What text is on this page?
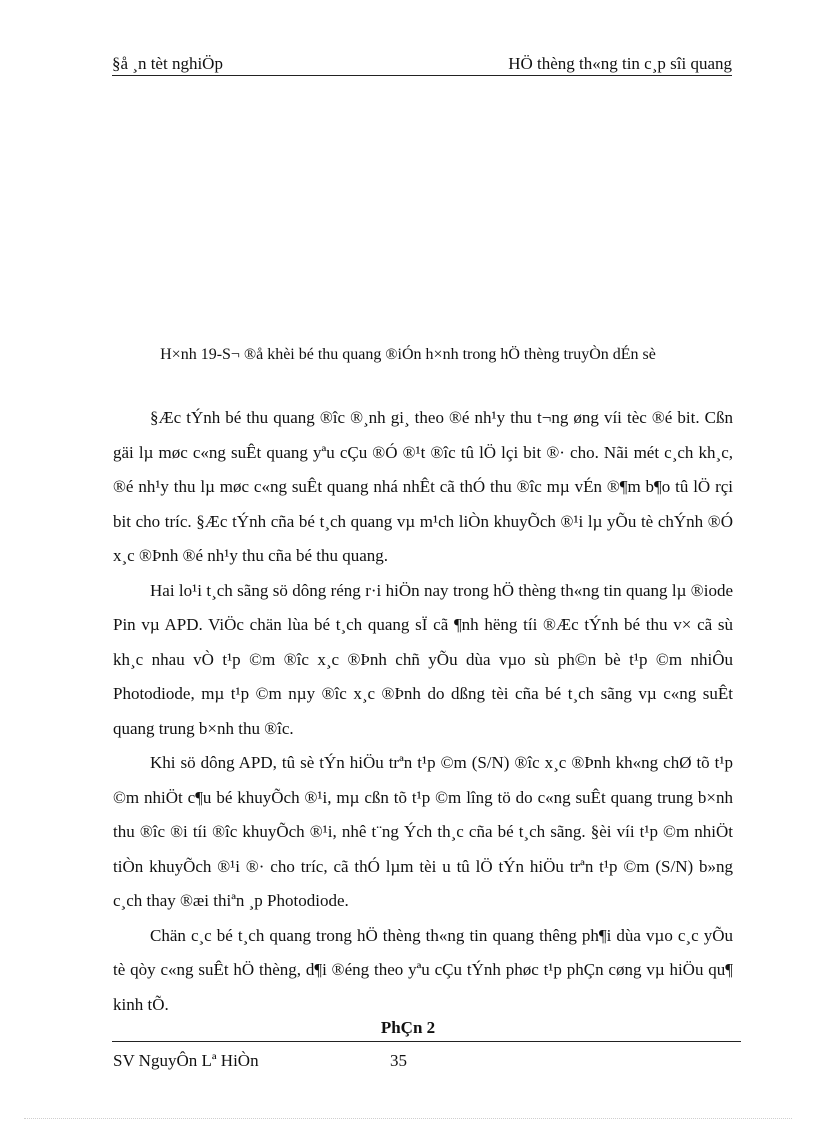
§å ¸n tèt nghiÖp	HÖ thèng th«ng tin c¸p sîi quang
H×nh 19-S¬ ®å khèi bé thu quang ®iÓn h×nh trong hÖ thèng truyÒn dÉn sè

§Æc tÝnh bé thu quang ®îc ®¸nh gi¸ theo ®é nh¹y thu t¬ng øng víi tèc ®é bit. Cßn gäi lµ møc c«ng suÊt quang yªu cÇu ®Ó ®¹t ®îc tû lÖ lçi bit ®· cho. Nãi mét c¸ch kh¸c, ®é nh¹y thu lµ møc c«ng suÊt quang nhá nhÊt cã thÓ thu ®îc mµ vÉn ®¶m b¶o tû lÖ rçi bit cho tríc. §Æc tÝnh cña bé t¸ch quang vµ m¹ch liÒn khuyÕch ®¹i lµ yÕu tè chÝnh ®Ó x¸c ®Þnh ®é nh¹y thu cña bé thu quang.

Hai lo¹i t¸ch sãng sö dông réng r·i hiÖn nay trong hÖ thèng th«ng tin quang lµ ®iode Pin vµ APD. ViÖc chän lùa bé t¸ch quang sÏ cã ¶nh hëng tíi ®Æc tÝnh bé thu v× cã sù kh¸c nhau vÒ t¹p ©m ®îc x¸c ®Þnh chñ yÕu dùa vµo sù ph©n bè t¹p ©m nhiÔu Photodiode, mµ t¹p ©m nµy ®îc x¸c ®Þnh do dßng tèi cña bé t¸ch sãng vµ c«ng suÊt quang trung b×nh thu ®îc.

Khi sö dông APD, tû sè tÝn hiÖu trªn t¹p ©m (S/N) ®îc x¸c ®Þnh kh«ng chØ tõ t¹p ©m nhiÖt c¶u bé khuyÕch ®¹i, mµ cßn tõ t¹p ©m lîng tö do c«ng suÊt quang trung b×nh thu ®îc ®i tíi ®îc khuyÕch ®¹i, nhê t¨ng Ých th¸c cña bé t¸ch sãng. §èi víi t¹p ©m nhiÖt tiÒn khuyÕch ®¹i ®· cho tríc, cã thÓ lµm tèi u tû lÖ tÝn hiÖu trªn t¹p ©m (S/N) b»ng c¸ch thay ®æi thiªn ¸p Photodiode.

Chän c¸c bé t¸ch quang trong hÖ thèng th«ng tin quang thêng ph¶i dùa vµo c¸c yÕu tè qòy c«ng suÊt hÖ thèng, d¶i ®éng theo yªu cÇu tÝnh phøc t¹p phÇn cøng vµ hiÖu qu¶ kinh tÕ.

PhÇn 2
SV NguyÔn Lª HiÒn	35
